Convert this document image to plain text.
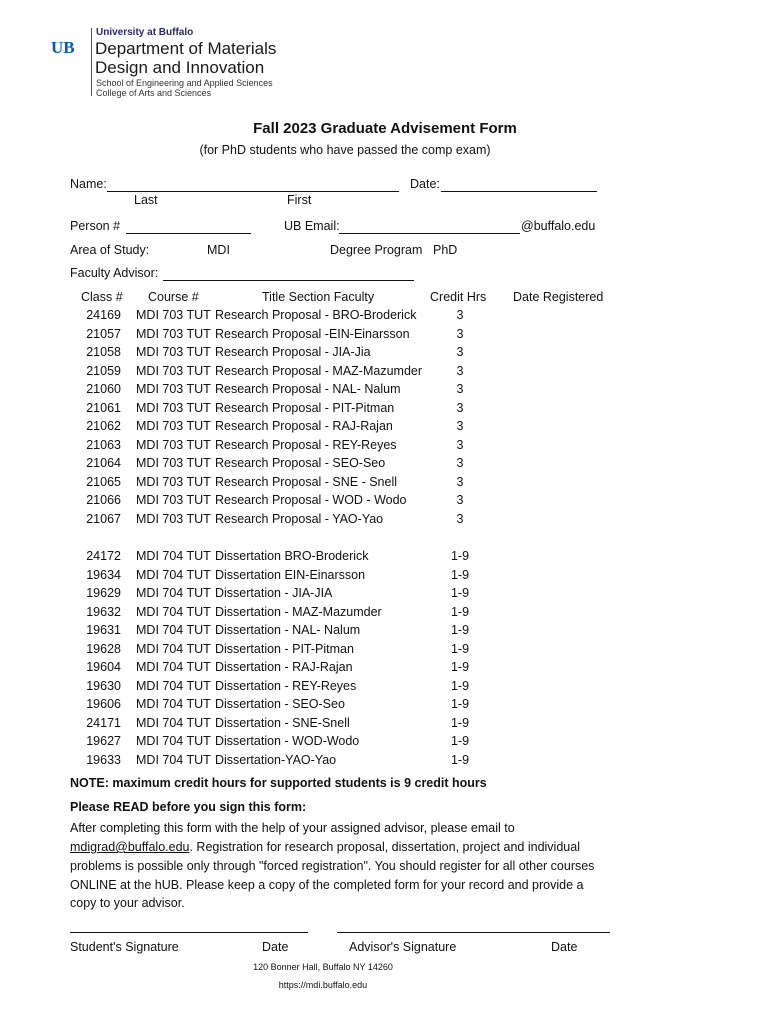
UB
University at Buffalo
Department of Materials
Design and Innovation
School of Engineering and Applied Sciences
College of Arts and Sciences
Fall 2023 Graduate Advisement Form
(for PhD students who have passed the comp exam)
Name:	Date:
Last	First
Person #	UB Email:	@buffalo.edu
Area of Study:	MDI	Degree Program PhD
Faculty Advisor:
Class # Course #	Title Section Faculty	Credit Hrs Date Registered
24169 MDI 703 TUT Research Proposal - BRO-Broderick	3
21057 MDI 703 TUT Research Proposal -EIN-Einarsson	3
21058 MDI 703 TUT Research Proposal - JIA-Jia	3
21059 MDI 703 TUT Research Proposal - MAZ-Mazumder	3
21060 MDI 703 TUT Research Proposal - NAL- Nalum	3
21061 MDI 703 TUT Research Proposal - PIT-Pitman	3
21062 MDI 703 TUT Research Proposal - RAJ-Rajan	3
21063 MDI 703 TUT Research Proposal - REY-Reyes	3
21064 MDI 703 TUT Research Proposal - SEO-Seo	3
21065 MDI 703 TUT Research Proposal - SNE - Snell	3
21066 MDI 703 TUT Research Proposal - WOD - Wodo	3
21067 MDI 703 TUT Research Proposal - YAO-Yao	3
24172 MDI 704 TUT Dissertation BRO-Broderick	1-9
19634 MDI 704 TUT Dissertation EIN-Einarsson	1-9
19629 MDI 704 TUT Dissertation - JIA-JIA	1-9
19632 MDI 704 TUT Dissertation - MAZ-Mazumder	1-9
19631 MDI 704 TUT Dissertation - NAL- Nalum	1-9
19628 MDI 704 TUT Dissertation - PIT-Pitman	1-9
19604 MDI 704 TUT Dissertation - RAJ-Rajan	1-9
19630 MDI 704 TUT Dissertation - REY-Reyes	1-9
19606 MDI 704 TUT Dissertation - SEO-Seo	1-9
24171 MDI 704 TUT Dissertation - SNE-Snell	1-9
19627 MDI 704 TUT Dissertation - WOD-Wodo	1-9
19633 MDI 704 TUT Dissertation-YAO-Yao	1-9
NOTE: maximum credit hours for supported students is 9 credit hours
Please READ before you sign this form:
After completing this form with the help of your assigned advisor, please email to
mdigrad@buffalo.edu. Registration for research proposal, dissertation, project and individual
problems is possible only through "forced registration". You should register for all other courses
ONLINE at the hUB. Please keep a copy of the completed form for your record and provide a
copy to your advisor.
Student's Signature	Date	Advisor's Signature	Date
120 Bonner Hall, Buffalo NY 14260
https://mdi.buffalo.edu
